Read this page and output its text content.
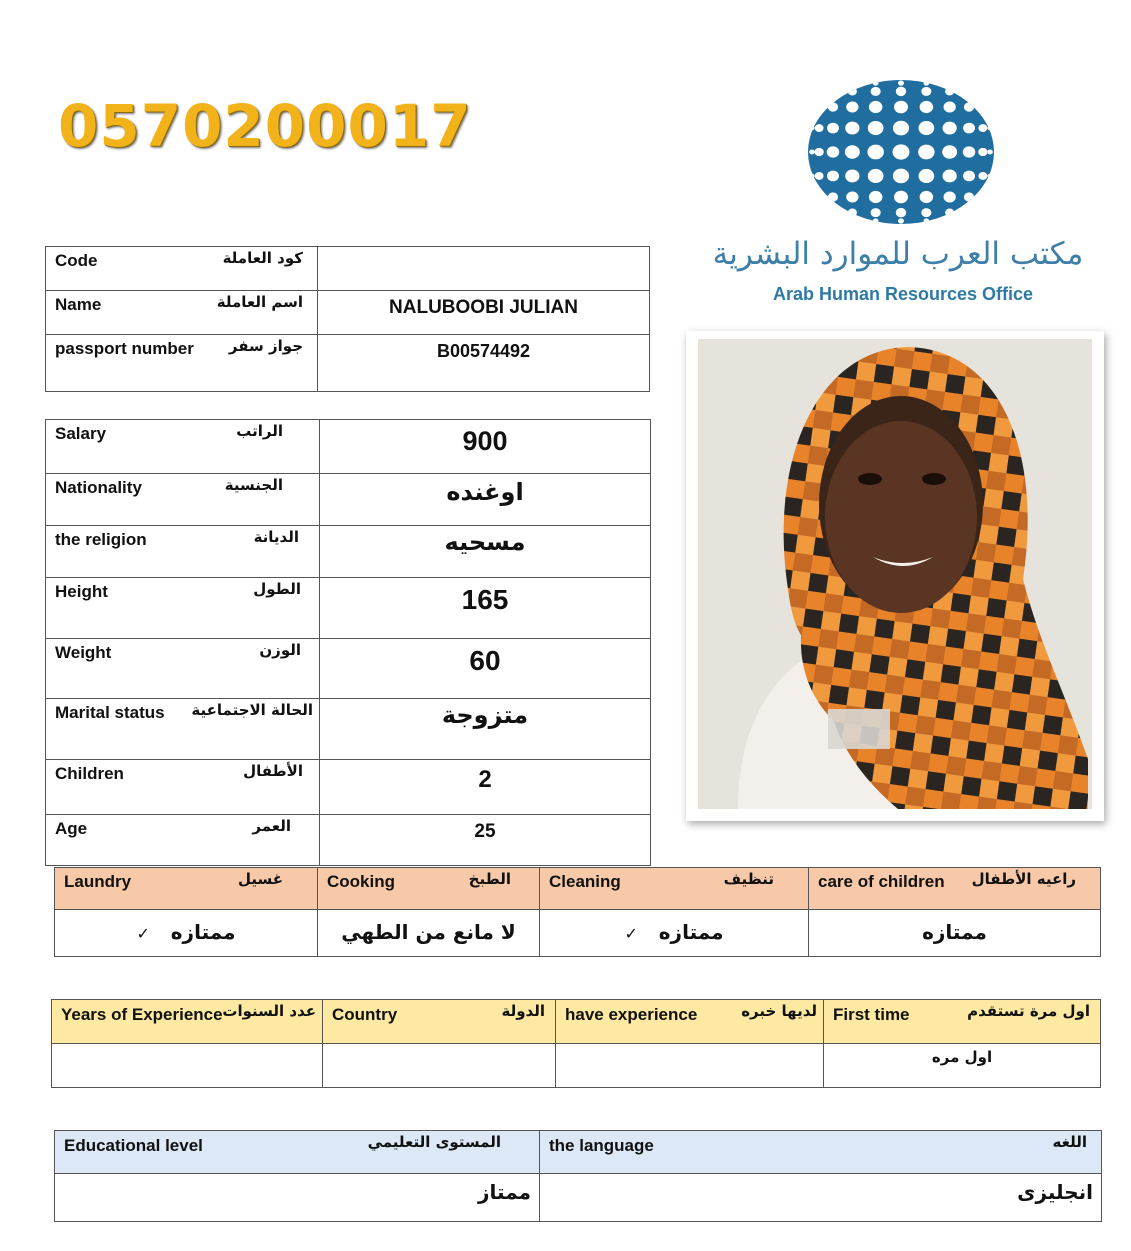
0570200017
مكتب العرب للموارد البشرية
Arab Human Resources Office
Code كود العاملة	

Name اسم العاملة	NALUBOOBI JULIAN

passport number جواز سفر	B00574492
Salary الراتب	900

Nationality الجنسية	اوغنده

the religion الديانة	مسحيه

Height الطول	165

Weight الوزن	60

Marital status الحالة الاجتماعية	متزوجة

Children الأطفال	2

Age العمر	25
Laundry غسيل	Cooking الطبخ	Cleaning تنظيف	care of children راعيه الأطفال

ممتازه   ✓	لا مانع من الطهي	ممتازه   ✓	ممتازه
Years of Experience عدد السنوات	Country الدولة	have experience لديها خبره	First time اول مرة تستقدم

			اول مره
Educational level المستوى التعليمي	the language اللغه

ممتاز	انجليزى
